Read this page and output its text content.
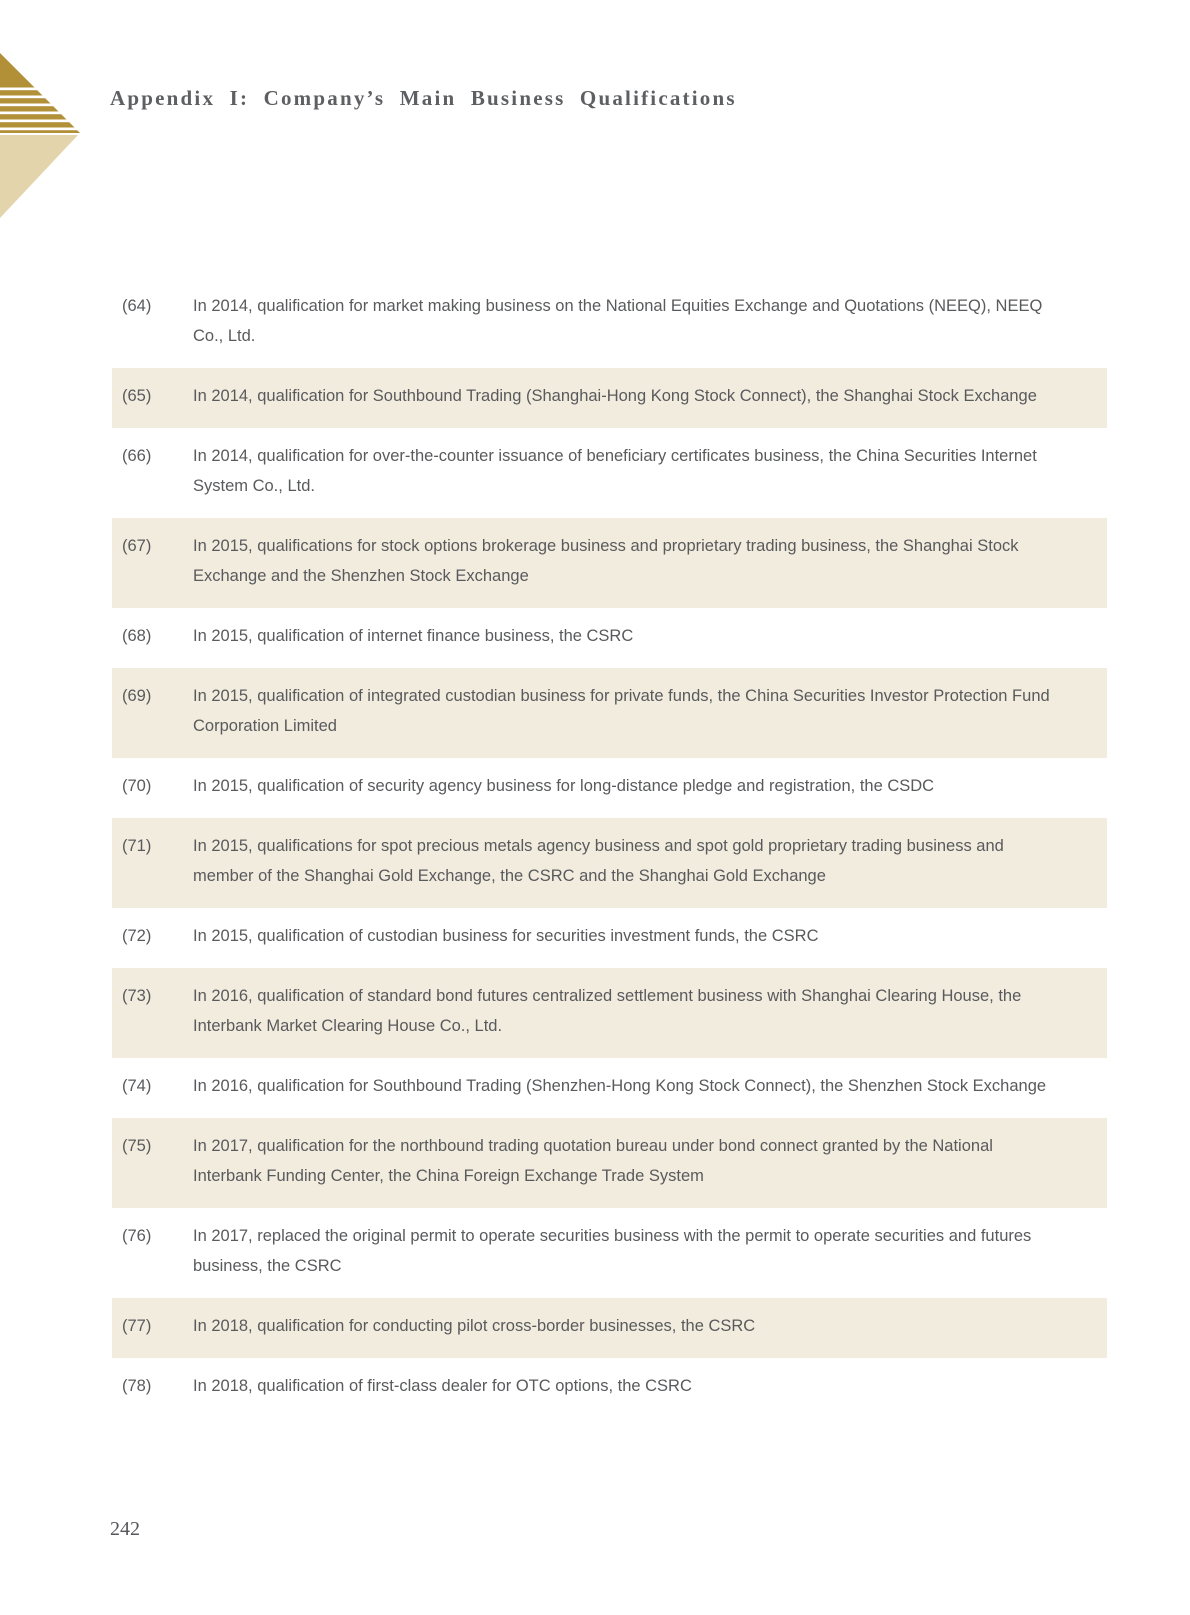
Appendix I: Company’s Main Business Qualifications
(64)	In 2014, qualification for market making business on the National Equities Exchange and Quotations (NEEQ), NEEQ Co., Ltd.
(65)	In 2014, qualification for Southbound Trading (Shanghai-Hong Kong Stock Connect), the Shanghai Stock Exchange
(66)	In 2014, qualification for over-the-counter issuance of beneficiary certificates business, the China Securities Internet System Co., Ltd.
(67)	In 2015, qualifications for stock options brokerage business and proprietary trading business, the Shanghai Stock Exchange and the Shenzhen Stock Exchange
(68)	In 2015, qualification of internet finance business, the CSRC
(69)	In 2015, qualification of integrated custodian business for private funds, the China Securities Investor Protection Fund Corporation Limited
(70)	In 2015, qualification of security agency business for long-distance pledge and registration, the CSDC
(71)	In 2015, qualifications for spot precious metals agency business and spot gold proprietary trading business and member of the Shanghai Gold Exchange, the CSRC and the Shanghai Gold Exchange
(72)	In 2015, qualification of custodian business for securities investment funds, the CSRC
(73)	In 2016, qualification of standard bond futures centralized settlement business with Shanghai Clearing House, the Interbank Market Clearing House Co., Ltd.
(74)	In 2016, qualification for Southbound Trading (Shenzhen-Hong Kong Stock Connect), the Shenzhen Stock Exchange
(75)	In 2017, qualification for the northbound trading quotation bureau under bond connect granted by the National Interbank Funding Center, the China Foreign Exchange Trade System
(76)	In 2017, replaced the original permit to operate securities business with the permit to operate securities and futures business, the CSRC
(77)	In 2018, qualification for conducting pilot cross-border businesses, the CSRC
(78)	In 2018, qualification of first-class dealer for OTC options, the CSRC
242
